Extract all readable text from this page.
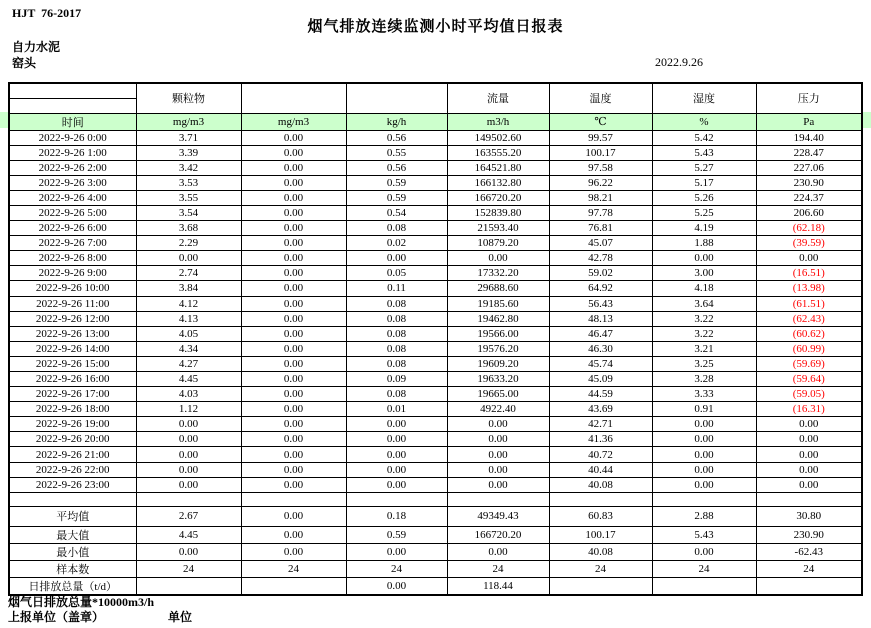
HJT  76-2017
烟气排放连续监测小时平均值日报表
自力水泥
窑头	2022.9.26
	颗粒物			流量	温度	湿度	压力

时间	mg/m3	mg/m3	kg/h	m3/h	℃	%	Pa
2022-9-26 0:00	3.71	0.00	0.56	149502.60	99.57	5.42	194.40
2022-9-26 1:00	3.39	0.00	0.55	163555.20	100.17	5.43	228.47
2022-9-26 2:00	3.42	0.00	0.56	164521.80	97.58	5.27	227.06
2022-9-26 3:00	3.53	0.00	0.59	166132.80	96.22	5.17	230.90
2022-9-26 4:00	3.55	0.00	0.59	166720.20	98.21	5.26	224.37
2022-9-26 5:00	3.54	0.00	0.54	152839.80	97.78	5.25	206.60
2022-9-26 6:00	3.68	0.00	0.08	21593.40	76.81	4.19	(62.18)
2022-9-26 7:00	2.29	0.00	0.02	10879.20	45.07	1.88	(39.59)
2022-9-26 8:00	0.00	0.00	0.00	0.00	42.78	0.00	0.00
2022-9-26 9:00	2.74	0.00	0.05	17332.20	59.02	3.00	(16.51)
2022-9-26 10:00	3.84	0.00	0.11	29688.60	64.92	4.18	(13.98)
2022-9-26 11:00	4.12	0.00	0.08	19185.60	56.43	3.64	(61.51)
2022-9-26 12:00	4.13	0.00	0.08	19462.80	48.13	3.22	(62.43)
2022-9-26 13:00	4.05	0.00	0.08	19566.00	46.47	3.22	(60.62)
2022-9-26 14:00	4.34	0.00	0.08	19576.20	46.30	3.21	(60.99)
2022-9-26 15:00	4.27	0.00	0.08	19609.20	45.74	3.25	(59.69)
2022-9-26 16:00	4.45	0.00	0.09	19633.20	45.09	3.28	(59.64)
2022-9-26 17:00	4.03	0.00	0.08	19665.00	44.59	3.33	(59.05)
2022-9-26 18:00	1.12	0.00	0.01	4922.40	43.69	0.91	(16.31)
2022-9-26 19:00	0.00	0.00	0.00	0.00	42.71	0.00	0.00
2022-9-26 20:00	0.00	0.00	0.00	0.00	41.36	0.00	0.00
2022-9-26 21:00	0.00	0.00	0.00	0.00	40.72	0.00	0.00
2022-9-26 22:00	0.00	0.00	0.00	0.00	40.44	0.00	0.00
2022-9-26 23:00	0.00	0.00	0.00	0.00	40.08	0.00	0.00

平均值	2.67	0.00	0.18	49349.43	60.83	2.88	30.80
最大值	4.45	0.00	0.59	166720.20	100.17	5.43	230.90
最小值	0.00	0.00	0.00	0.00	40.08	0.00	-62.43
样本数	24	24	24	24	24	24	24
日排放总量（t/d）			0.00	118.44			
烟气日排放总量*10000m3/h
上报单位（盖章）	单位
